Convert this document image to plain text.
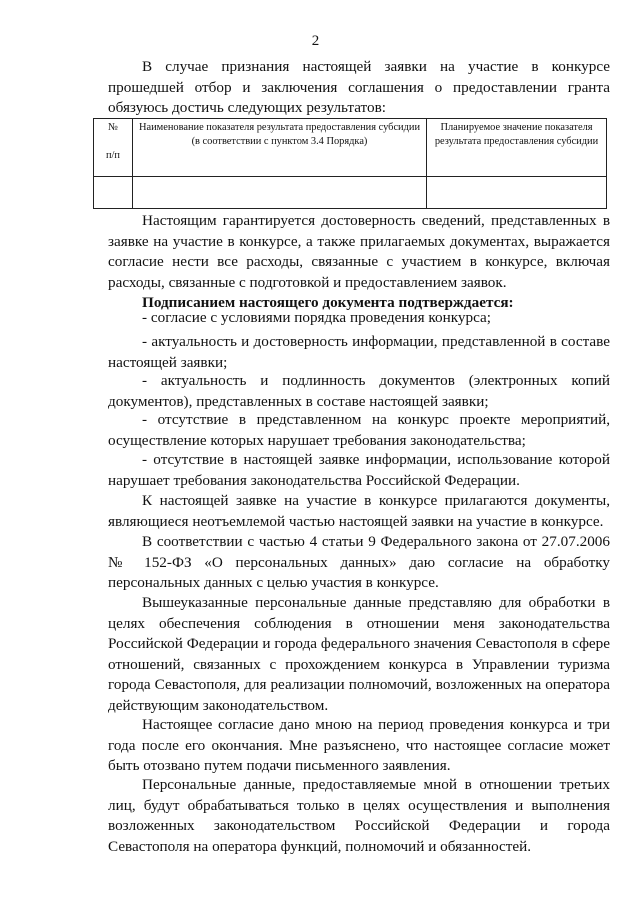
2

В случае признания настоящей заявки на участие в конкурсе прошедшей отбор и заключения соглашения о предоставлении гранта обязуюсь достичь следующих результатов:

№
п/п	Наименование показателя результата предоставления субсидии (в соответствии с пунктом 3.4 Порядка)	Планируемое значение показателя результата предоставления субсидии

Настоящим гарантируется достоверность сведений, представленных в заявке на участие в конкурсе, а также прилагаемых документах, выражается согласие нести все расходы, связанные с участием в конкурсе, включая расходы, связанные с подготовкой и предоставлением заявок.

Подписанием настоящего документа подтверждается:

- согласие с условиями порядка проведения конкурса;

- актуальность и достоверность информации, представленной в составе настоящей заявки;

- актуальность и подлинность документов (электронных копий документов), представленных в составе настоящей заявки;

- отсутствие в представленном на конкурс проекте мероприятий, осуществление которых нарушает требования законодательства;

- отсутствие в настоящей заявке информации, использование которой нарушает требования законодательства Российской Федерации.

К настоящей заявке на участие в конкурсе прилагаются документы, являющиеся неотъемлемой частью настоящей заявки на участие в конкурсе.

В соответствии с частью 4 статьи 9 Федерального закона от 27.07.2006 № 152-ФЗ «О персональных данных» даю согласие на обработку персональных данных с целью участия в конкурсе.

Вышеуказанные персональные данные представляю для обработки в целях обеспечения соблюдения в отношении меня законодательства Российской Федерации и города федерального значения Севастополя в сфере отношений, связанных с прохождением конкурса в Управлении туризма города Севастополя, для реализации полномочий, возложенных на оператора действующим законодательством.

Настоящее согласие дано мною на период проведения конкурса и три года после его окончания. Мне разъяснено, что настоящее согласие может быть отозвано путем подачи письменного заявления.

Персональные данные, предоставляемые мной в отношении третьих лиц, будут обрабатываться только в целях осуществления и выполнения возложенных законодательством Российской Федерации и города Севастополя на оператора функций, полномочий и обязанностей.
